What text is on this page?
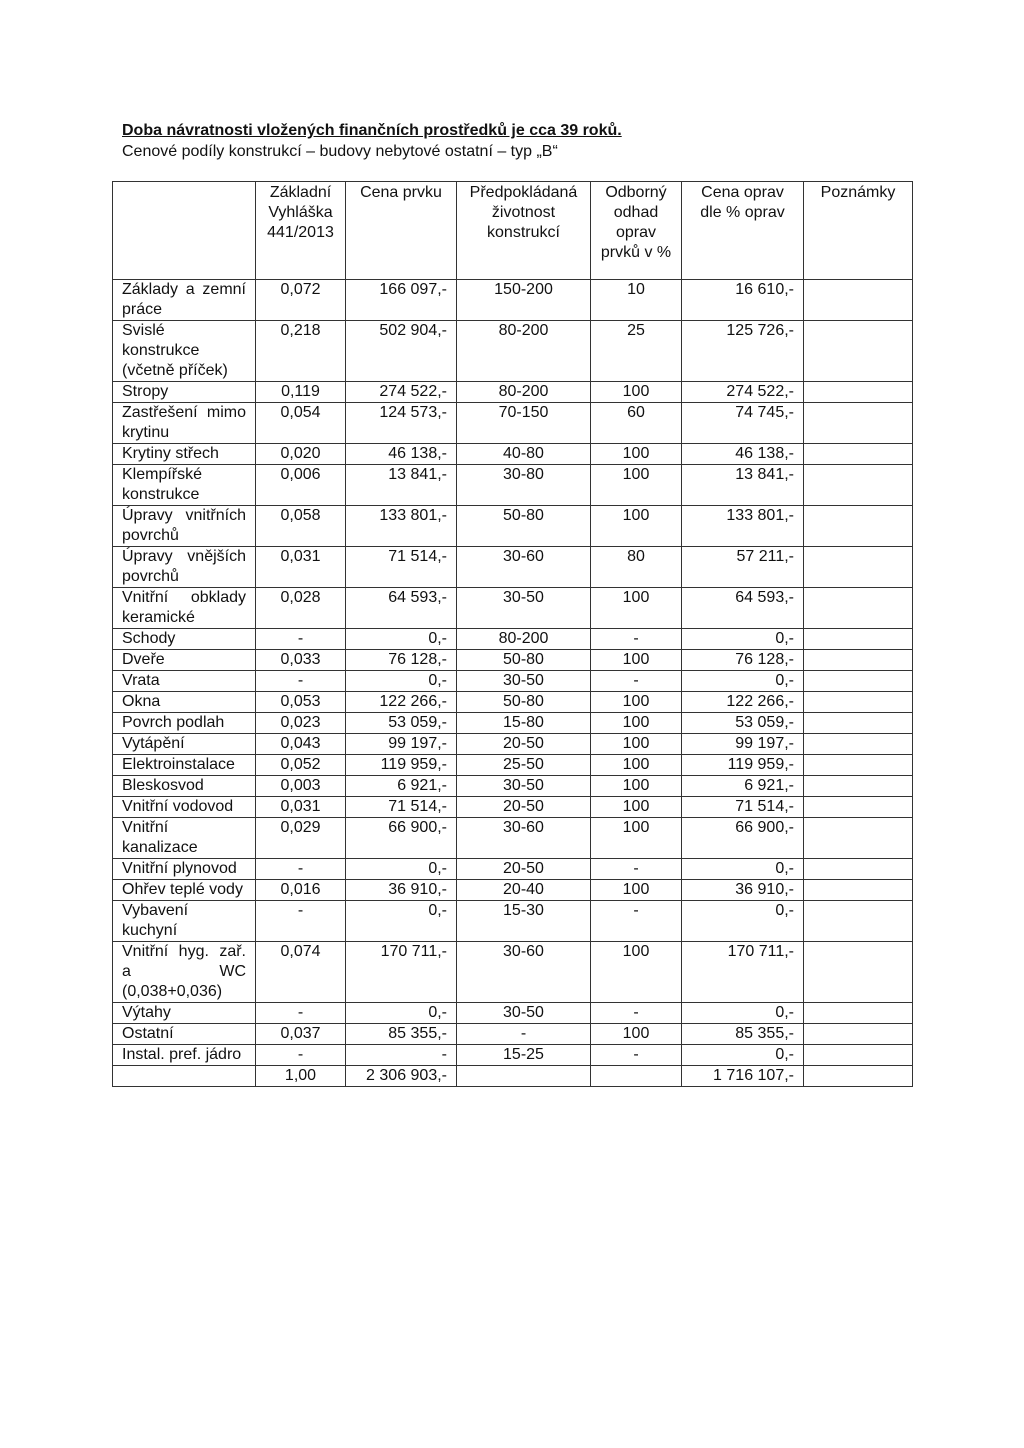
Doba návratnosti vložených finančních prostředků je cca 39 roků.
Cenové podíly konstrukcí – budovy nebytové ostatní – typ „B“
	Základní Vyhláška 441/2013	Cena prvku	Předpokládaná životnost konstrukcí	Odborný odhad oprav prvků v %	Cena oprav dle % oprav	Poznámky
Základy a zemní práce	0,072	166 097,-	150-200	10	16 610,-	
Svislé konstrukce (včetně příček)	0,218	502 904,-	80-200	25	125 726,-	
Stropy	0,119	274 522,-	80-200	100	274 522,-	
Zastřešení mimo krytinu	0,054	124 573,-	70-150	60	74 745,-	
Krytiny střech	0,020	46 138,-	40-80	100	46 138,-	
Klempířské konstrukce	0,006	13 841,-	30-80	100	13 841,-	
Úpravy vnitřních povrchů	0,058	133 801,-	50-80	100	133 801,-	
Úpravy vnějších povrchů	0,031	71 514,-	30-60	80	57 211,-	
Vnitřní obklady keramické	0,028	64 593,-	30-50	100	64 593,-	
Schody	-	0,-	80-200	-	0,-	
Dveře	0,033	76 128,-	50-80	100	76 128,-	
Vrata	-	0,-	30-50	-	0,-	
Okna	0,053	122 266,-	50-80	100	122 266,-	
Povrch podlah	0,023	53 059,-	15-80	100	53 059,-	
Vytápění	0,043	99 197,-	20-50	100	99 197,-	
Elektroinstalace	0,052	119 959,-	25-50	100	119 959,-	
Bleskosvod	0,003	6 921,-	30-50	100	6 921,-	
Vnitřní vodovod	0,031	71 514,-	20-50	100	71 514,-	
Vnitřní kanalizace	0,029	66 900,-	30-60	100	66 900,-	
Vnitřní plynovod	-	0,-	20-50	-	0,-	
Ohřev teplé vody	0,016	36 910,-	20-40	100	36 910,-	
Vybavení kuchyní	-	0,-	15-30	-	0,-	
Vnitřní hyg. zař. a WC (0,038+0,036)	0,074	170 711,-	30-60	100	170 711,-	
Výtahy	-	0,-	30-50	-	0,-	
Ostatní	0,037	85 355,-	-	100	85 355,-	
Instal. pref. jádro	-	-	15-25	-	0,-	
	1,00	2 306 903,-			1 716 107,-	
